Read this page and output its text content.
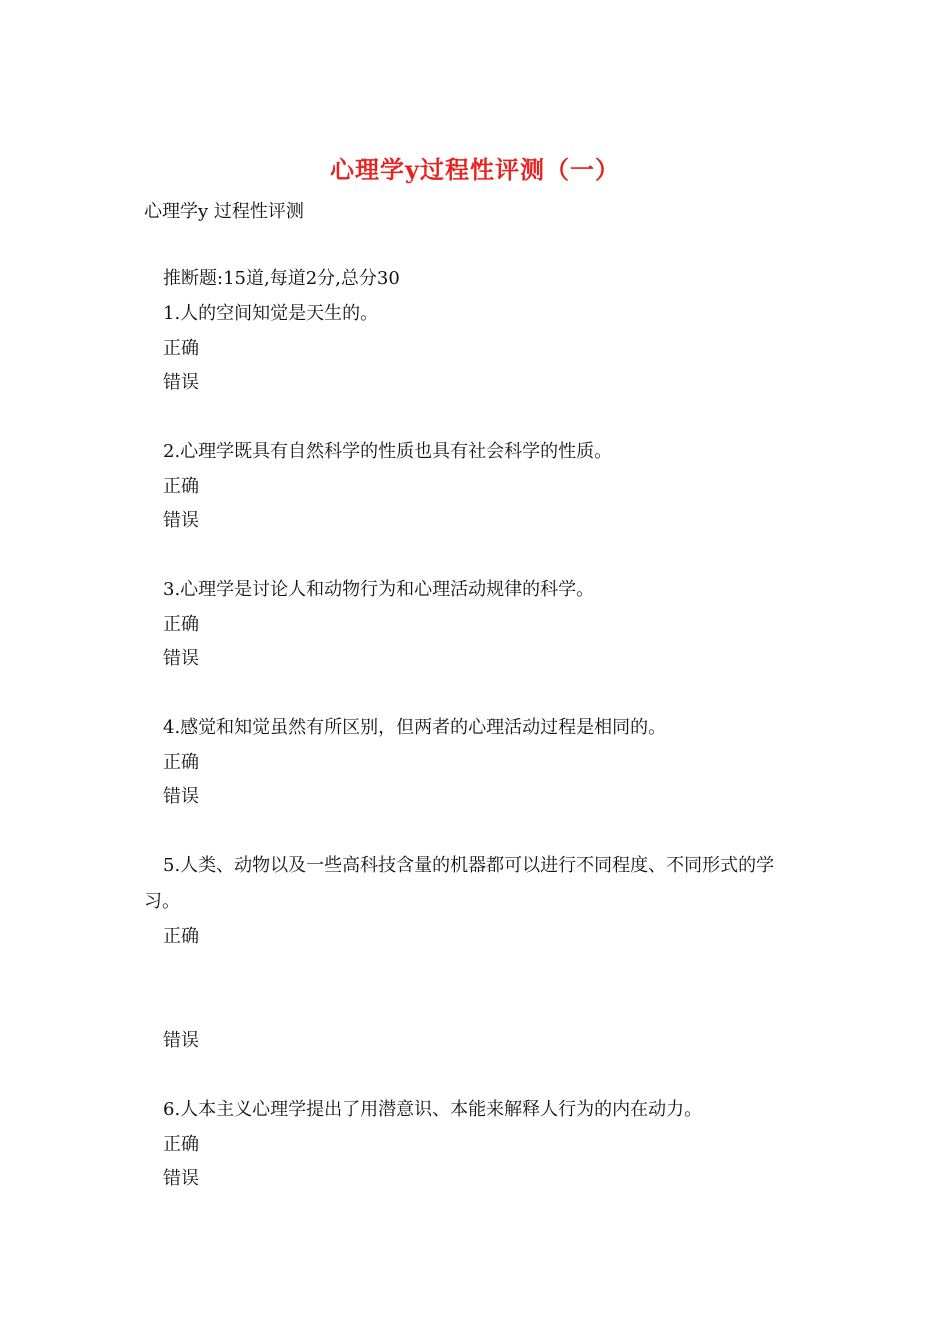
心理学y过程性评测（一）
心理学y 过程性评测
推断题:15道,每道2分,总分30
1.人的空间知觉是天生的。
正确
错误
2.心理学既具有自然科学的性质也具有社会科学的性质。
正确
错误
3.心理学是讨论人和动物行为和心理活动规律的科学。
正确
错误
4.感觉和知觉虽然有所区别，但两者的心理活动过程是相同的。
正确
错误
5.人类、动物以及一些高科技含量的机器都可以进行不同程度、不同形式的学习。
正确
错误
6.人本主义心理学提出了用潜意识、本能来解释人行为的内在动力。
正确
错误
